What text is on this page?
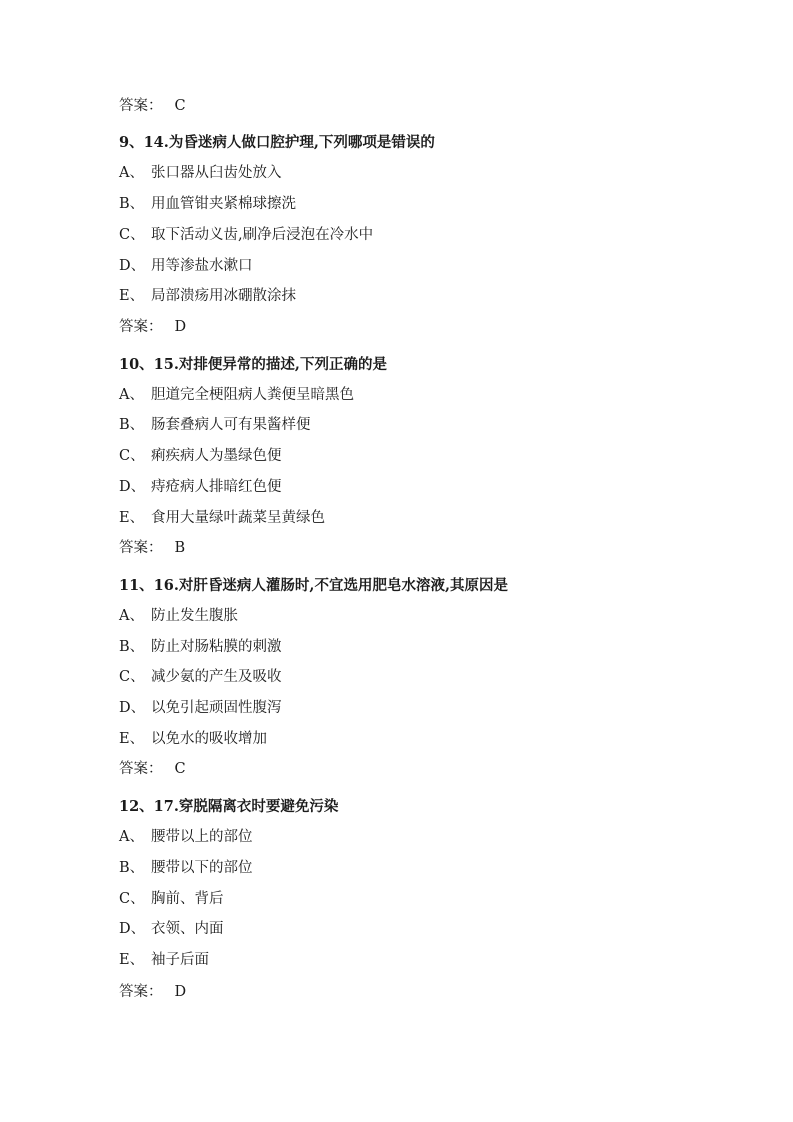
答案： C
9、14.为昏迷病人做口腔护理,下列哪项是错误的
A、 张口器从臼齿处放入
B、 用血管钳夹紧棉球擦洗
C、 取下活动义齿,刷净后浸泡在冷水中
D、 用等渗盐水漱口
E、 局部溃疡用冰硼散涂抹
答案： D
10、15.对排便异常的描述,下列正确的是
A、 胆道完全梗阻病人粪便呈暗黑色
B、 肠套叠病人可有果酱样便
C、 痢疾病人为墨绿色便
D、 痔疮病人排暗红色便
E、 食用大量绿叶蔬菜呈黄绿色
答案： B
11、16.对肝昏迷病人灌肠时,不宜选用肥皂水溶液,其原因是
A、 防止发生腹胀
B、 防止对肠粘膜的刺激
C、 减少氨的产生及吸收
D、 以免引起顽固性腹泻
E、 以免水的吸收增加
答案： C
12、17.穿脱隔离衣时要避免污染
A、 腰带以上的部位
B、 腰带以下的部位
C、 胸前、背后
D、 衣领、内面
E、 袖子后面
答案： D
